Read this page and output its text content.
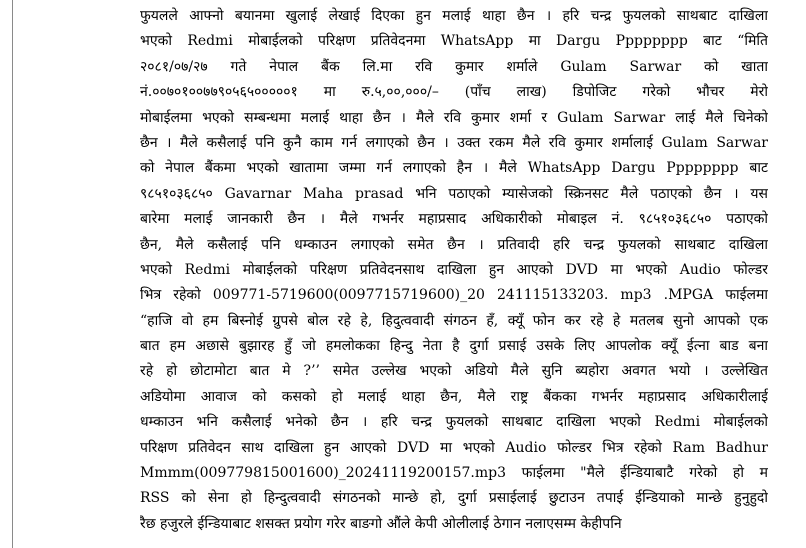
फुयलले आफ्नो बयानमा खुलाई लेखाई दिएका हुन मलाई थाहा छैन । हरि चन्द्र फुयलको साथबाट दाखिला
भएको Redmi मोबाईलको परिक्षण प्रतिवेदनमा WhatsApp मा Dargu Pppppppp बाट “मिति
२०८१/०७/२७ गते नेपाल बैंक लि.मा रवि कुमार शर्माले Gulam Sarwar को खाता
नं.००७०१००७७९०५६५०००००१ मा रु.५,००,०००/– (पाँच लाख) डिपोजिट गरेको भौचर मेरो
मोबाईलमा भएको सम्बन्धमा मलाई थाहा छैन । मैले रवि कुमार शर्मा र Gulam Sarwar लाई मैले चिनेको
छैन । मैले कसैलाई पनि कुनै काम गर्न लगाएको छैन । उक्त रकम मैले रवि कुमार शर्मालाई Gulam Sarwar
को नेपाल बैंकमा भएको खातामा जम्मा गर्न लगाएको हैन । मैले WhatsApp Dargu Pppppppp बाट
९८५१०३६८५० Gavarnar Maha prasad भनि पठाएको म्यासेजको स्क्रिनसट मैले पठाएको छैन । यस
बारेमा मलाई जानकारी छैन । मैले गभर्नर महाप्रसाद अधिकारीको मोबाइल नं. ९८५१०३६८५० पठाएको
छैन, मैले कसैलाई पनि धम्काउन लगाएको समेत छैन । प्रतिवादी हरि चन्द्र फुयलको साथबाट दाखिला
भएको Redmi मोबाईलको परिक्षण प्रतिवेदनसाथ दाखिला हुन आएको DVD मा भएको Audio फोल्डर
भित्र रहेको 009771-5719600(0097715719600)_20 241115133203. mp3 .MPGA फाईलमा
“हाजि वो हम बिस्नोई ग्रुपसे बोल रहे हे, हिदुत्ववादी संगठन हँ, क्यूँ फोन कर रहे हे मतलब सुनो आपको एक
बात हम अछासे बुझारह हुँ जो हमलोकका हिन्दु नेता है दुर्गा प्रसाई उसके लिए आपलोक क्यूँ ईत्ना बाड बना
रहे हो छोटामोटा बात मे ?’’ समेत उल्लेख भएको अडियो मैले सुनि ब्यहोरा अवगत भयो । उल्लेखित
अडियोमा आवाज को कसको हो मलाई थाहा छैन, मैले राष्ट्र बैंकका गभर्नर महाप्रसाद अधिकारीलाई
धम्काउन भनि कसैलाई भनेको छैन । हरि चन्द्र फुयलको साथबाट दाखिला भएको Redmi मोबाईलको
परिक्षण प्रतिवेदन साथ दाखिला हुन आएको DVD मा भएको Audio फोल्डर भित्र रहेको Ram Badhur
Mmmm(009779815001600)_20241119200157.mp3 फाईलमा "मैले ईन्डियाबाटै गरेको हो म
RSS को सेना हो हिन्दुत्ववादी संगठनको मान्छे हो, दुर्गा प्रसाईलाई छुटाउन तपाई ईन्डियाको मान्छे हुनुहुदो
रैछ हजुरले ईन्डियाबाट शसक्त प्रयोग गरेर बाङगो औंले केपी ओलीलाई ठेगान नलाएसम्म केहीपनि
